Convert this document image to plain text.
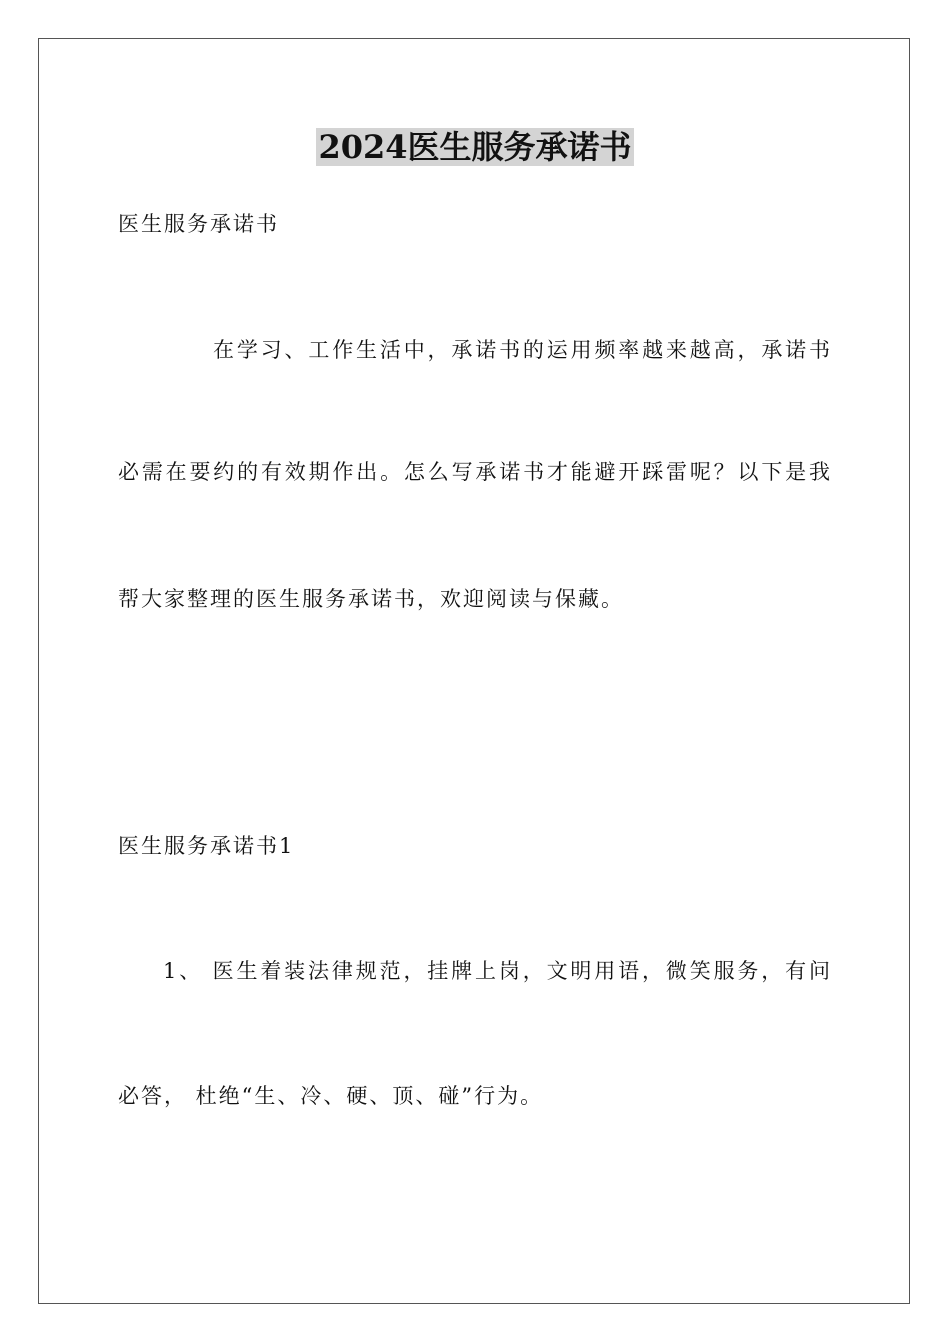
2024医生服务承诺书

医生服务承诺书

在学习、工作生活中，承诺书的运用频率越来越高，承诺书

必需在要约的有效期作出。怎么写承诺书才能避开踩雷呢？以下是我

帮大家整理的医生服务承诺书，欢迎阅读与保藏。

医生服务承诺书1

1、 医生着装法律规范，挂牌上岗，文明用语，微笑服务，有问

必答， 杜绝“生、冷、硬、顶、碰”行为。
